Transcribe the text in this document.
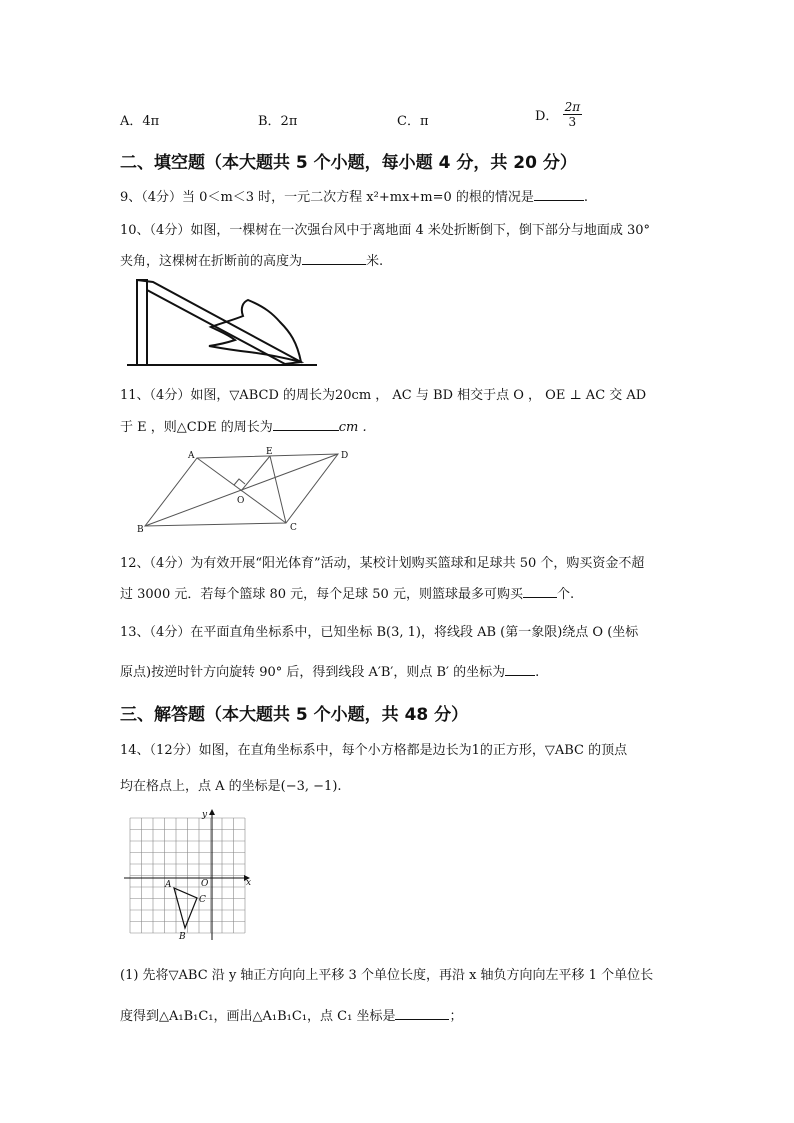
A．4π	B．2π	C．π	D． $\frac{2\pi}{3}$
二、填空题（本大题共 5 个小题，每小题 4 分，共 20 分）
9、（4分）当 0＜m＜3 时，一元二次方程 x²+mx+m=0 的根的情况是	.
10、（4分）如图，一棵树在一次强台风中于离地面 4 米处折断倒下，倒下部分与地面成 30°
夹角，这棵树在折断前的高度为	米.
11、（4分）如图，▽ABCD 的周长为20cm ， AC 与 BD 相交于点 O ， OE ⊥ AC 交 AD
于 E ，则△CDE 的周长为	cm .
A	E	D
O
B	C
12、（4分）为有效开展“阳光体育”活动，某校计划购买篮球和足球共 50 个，购买资金不超
过 3000 元．若每个篮球 80 元，每个足球 50 元，则篮球最多可购买	个.
13、（4分）在平面直角坐标系中，已知坐标 B(3, 1)，将线段 AB (第一象限)绕点 O (坐标
原点)按逆时针方向旋转 90° 后，得到线段 A′B′，则点 B′ 的坐标为 .
三、解答题（本大题共 5 个小题，共 48 分）
14、（12分）如图，在直角坐标系中，每个小方格都是边长为1的正方形，▽ABC 的顶点
均在格点上，点 A 的坐标是(−3, −1).
x
y
O
A
C
B
(1) 先将▽ABC 沿 y 轴正方向向上平移 3 个单位长度，再沿 x 轴负方向向左平移 1 个单位长
度得到△A₁B₁C₁，画出△A₁B₁C₁，点 C₁ 坐标是	；
